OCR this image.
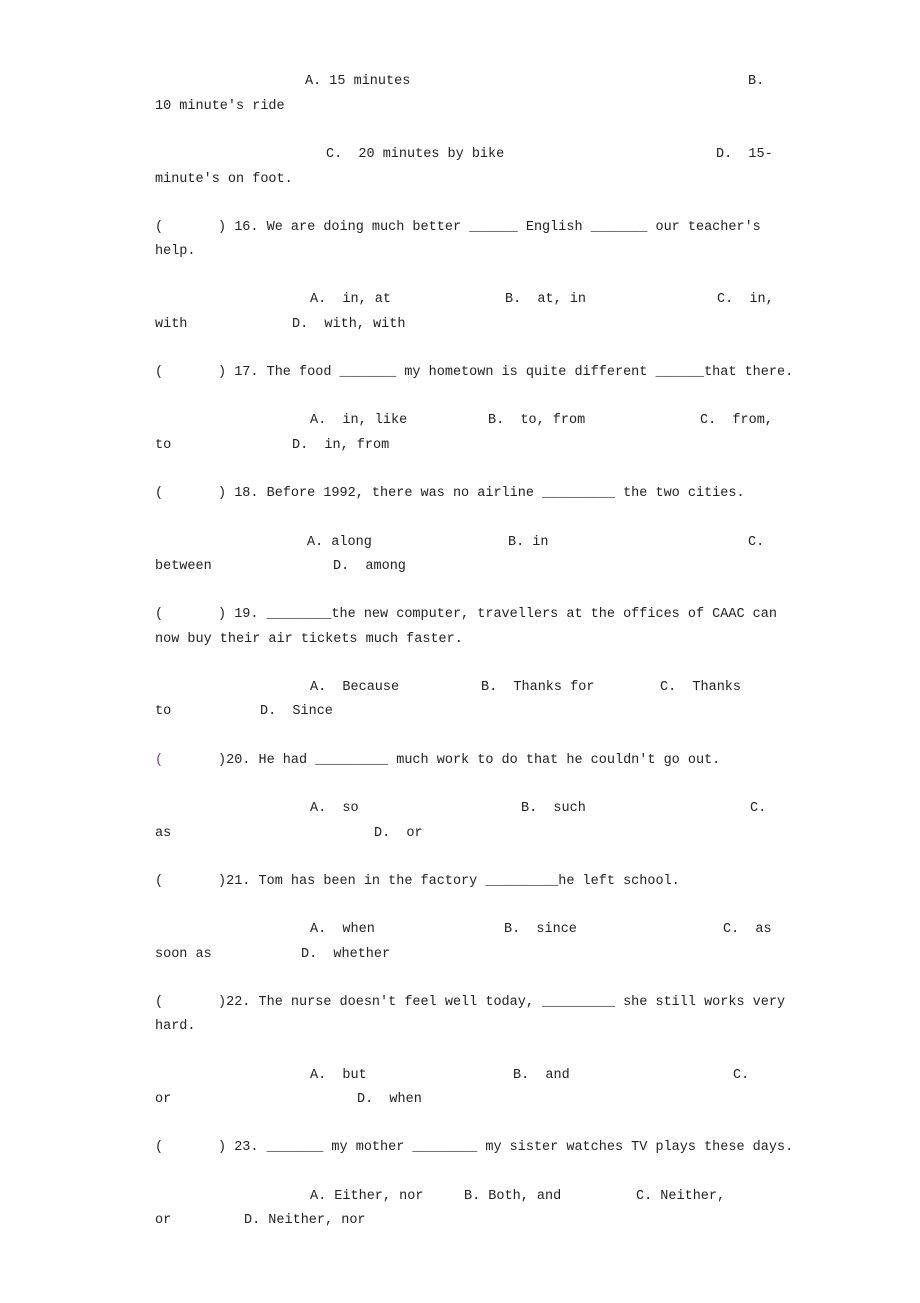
A. 15 minutes	B.
10 minute's ride
C.  20 minutes by bike	D.  15-
minute's on foot.
(	) 16. We are doing much better ______ English _______ our teacher's
help.
A.  in, at	B.  at, in	C.  in,
with	D.  with, with
(	) 17. The food _______ my hometown is quite different ______that there.
A.  in, like	B.  to, from	C.  from,
to	D.  in, from
(	) 18. Before 1992, there was no airline _________ the two cities.
A. along	B. in	C.
between	D.  among
(	) 19. ________the new computer, travellers at the offices of CAAC can
now buy their air tickets much faster.
A.  Because	B.  Thanks for	C.  Thanks
to	D.  Since
(	)20. He had _________ much work to do that he couldn't go out.
A.  so	B.  such	C.
as	D.  or
(	)21. Tom has been in the factory _________he left school.
A.  when	B.  since	C.  as
soon as	D.  whether
(	)22. The nurse doesn't feel well today, _________ she still works very
hard.
A.  but	B.  and	C.
or	D.  when
(	) 23. _______ my mother ________ my sister watches TV plays these days.
A. Either, nor	B. Both, and	C. Neither,
or	D. Neither, nor
